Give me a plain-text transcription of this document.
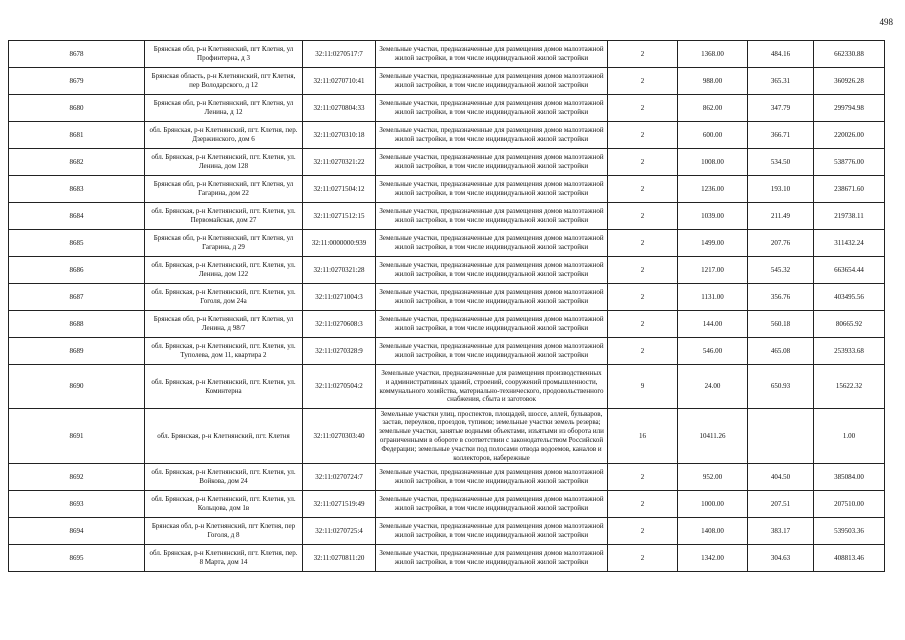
498
8678	Брянская обл, р-н Клетнянский, пгт Клетня, ул Профинтерна, д 3	32:11:0270517:7	Земельные участки, предназначенные для размещения домов малоэтажной жилой застройки, в том числе индивидуальной жилой застройки	2	1368.00	484.16	662330.88
8679	Брянская область, р-н Клетнянский, пгт Клетня, пер Володарского, д 12	32:11:0270710:41	Земельные участки, предназначенные для размещения домов малоэтажной жилой застройки, в том числе индивидуальной жилой застройки	2	988.00	365.31	360926.28
8680	Брянская обл, р-н Клетнянский, пгт Клетня, ул Ленина, д 12	32:11:0270804:33	Земельные участки, предназначенные для размещения домов малоэтажной жилой застройки, в том числе индивидуальной жилой застройки	2	862.00	347.79	299794.98
8681	обл. Брянская, р-н Клетнянский, пгт. Клетня, пер. Дзержинского, дом 6	32:11:0270310:18	Земельные участки, предназначенные для размещения домов малоэтажной жилой застройки, в том числе индивидуальной жилой застройки	2	600.00	366.71	220026.00
8682	обл. Брянская, р-н Клетнянский, пгт. Клетня, ул. Ленина, дом 128	32:11:0270321:22	Земельные участки, предназначенные для размещения домов малоэтажной жилой застройки, в том числе индивидуальной жилой застройки	2	1008.00	534.50	538776.00
8683	Брянская обл, р-н Клетнянский, пгт Клетня, ул Гагарина, дом 22	32:11:0271504:12	Земельные участки, предназначенные для размещения домов малоэтажной жилой застройки, в том числе индивидуальной жилой застройки	2	1236.00	193.10	238671.60
8684	обл. Брянская, р-н Клетнянский, пгт. Клетня, ул. Первомайская, дом 27	32:11:0271512:15	Земельные участки, предназначенные для размещения домов малоэтажной жилой застройки, в том числе индивидуальной жилой застройки	2	1039.00	211.49	219738.11
8685	Брянская обл, р-н Клетнянский, пгт Клетня, ул Гагарина, д 29	32:11:0000000:939	Земельные участки, предназначенные для размещения домов малоэтажной жилой застройки, в том числе индивидуальной жилой застройки	2	1499.00	207.76	311432.24
8686	обл. Брянская, р-н Клетнянский, пгт. Клетня, ул. Ленина, дом 122	32:11:0270321:28	Земельные участки, предназначенные для размещения домов малоэтажной жилой застройки, в том числе индивидуальной жилой застройки	2	1217.00	545.32	663654.44
8687	обл. Брянская, р-н Клетнянский, пгт. Клетня, ул. Гоголя, дом 24а	32:11:0271004:3	Земельные участки, предназначенные для размещения домов малоэтажной жилой застройки, в том числе индивидуальной жилой застройки	2	1131.00	356.76	403495.56
8688	Брянская обл, р-н Клетнянский, пгт Клетня, ул Ленина, д 98/7	32:11:0270608:3	Земельные участки, предназначенные для размещения домов малоэтажной жилой застройки, в том числе индивидуальной жилой застройки	2	144.00	560.18	80665.92
8689	обл. Брянская, р-н Клетнянский, пгт. Клетня, ул. Туполева, дом 11, квартира 2	32:11:0270328:9	Земельные участки, предназначенные для размещения домов малоэтажной жилой застройки, в том числе индивидуальной жилой застройки	2	546.00	465.08	253933.68
8690	обл. Брянская, р-н Клетнянский, пгт. Клетня, ул. Коминтерна	32:11:0270504:2	Земельные участки, предназначенные для размещения производственных и административных зданий, строений, сооружений промышленности, коммунального хозяйства, материально-технического, продовольственного снабжения, сбыта и заготовок	9	24.00	650.93	15622.32
8691	обл. Брянская, р-н Клетнянский, пгт. Клетня	32:11:0270303:40	Земельные участки улиц, проспектов, площадей, шоссе, аллей, бульваров, застав, переулков, проездов, тупиков; земельные участки земель резерва; земельные участки, занятые водными объектами, изъятыми из оборота или ограниченными в обороте в соответствии с законодательством Российской Федерации; земельные участки под полосами отвода водоемов, каналов и коллекторов, набережные	16	10411.26		1.00
8692	обл. Брянская, р-н Клетнянский, пгт. Клетня, ул. Войкова, дом 24	32:11:0270724:7	Земельные участки, предназначенные для размещения домов малоэтажной жилой застройки, в том числе индивидуальной жилой застройки	2	952.00	404.50	385084.00
8693	обл. Брянская, р-н Клетнянский, пгт. Клетня, ул. Кольцова, дом 1в	32:11:0271519:49	Земельные участки, предназначенные для размещения домов малоэтажной жилой застройки, в том числе индивидуальной жилой застройки	2	1000.00	207.51	207510.00
8694	Брянская обл, р-н Клетнянский, пгт Клетня, пер Гоголя, д 8	32:11:0270725:4	Земельные участки, предназначенные для размещения домов малоэтажной жилой застройки, в том числе индивидуальной жилой застройки	2	1408.00	383.17	539503.36
8695	обл. Брянская, р-н Клетнянский, пгт. Клетня, пер. 8 Марта, дом 14	32:11:0270811:20	Земельные участки, предназначенные для размещения домов малоэтажной жилой застройки, в том числе индивидуальной жилой застройки	2	1342.00	304.63	408813.46
